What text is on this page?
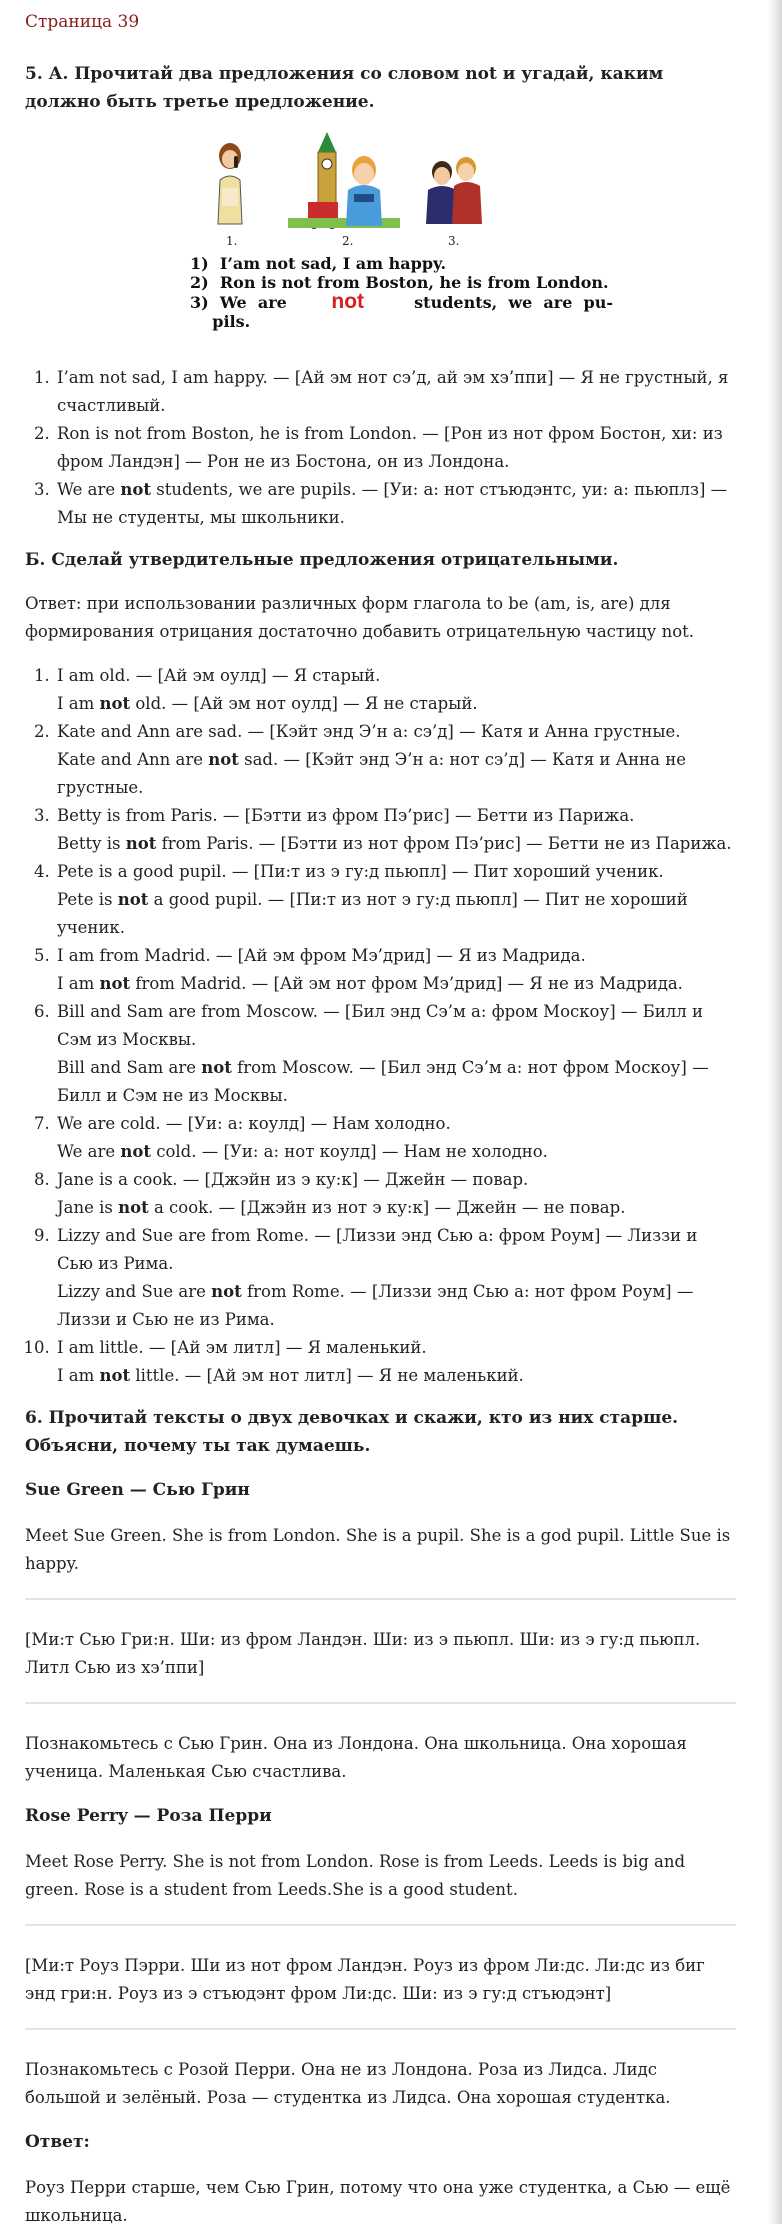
Страница 39
5. А. Прочитай два предложения со словом not и угадай, каким должно быть третье предложение.
1.	2.	3.
1) I’am not sad, I am happy.
2) Ron is not from Boston, he is from London.
3) We  are not	students,  we  are  pu-
pils.
1. I’am not sad, I am happy. — [Ай эм нот сэ’д, ай эм хэ’ппи] — Я не грустный, я счастливый.
2. Ron is not from Boston, he is from London. — [Рон из нот фром Бостон, хи: из фром Ландэн] — Рон не из Бостона, он из Лондона.
3. We are not students, we are pupils. — [Уи: а: нот стъюдэнтс, уи: а: пьюплз] — Мы не студенты, мы школьники.
Б. Сделай утвердительные предложения отрицательными.

Ответ: при использовании различных форм глагола to be (am, is, are) для формирования отрицания достаточно добавить отрицательную частицу not.

1. I am old. — [Ай эм оулд] — Я старый.
I am not old. — [Ай эм нот оулд] — Я не старый.
2. Kate and Ann are sad. — [Кэйт энд Э’н а: сэ’д] — Катя и Анна грустные.
Kate and Ann are not sad. — [Кэйт энд Э’н а: нот сэ’д] — Катя и Анна не грустные.
3. Betty is from Paris. — [Бэтти из фром Пэ’рис] — Бетти из Парижа.
Betty is not from Paris. — [Бэтти из нот фром Пэ’рис] — Бетти не из Парижа.
4. Pete is a good pupil. — [Пи:т из э гу:д пьюпл] — Пит хороший ученик.
Pete is not a good pupil. — [Пи:т из нот э гу:д пьюпл] — Пит не хороший ученик.
5. I am from Madrid. — [Ай эм фром Мэ’дрид] — Я из Мадрида.
I am not from Madrid. — [Ай эм нот фром Мэ’дрид] — Я не из Мадрида.
6. Bill and Sam are from Moscow. — [Бил энд Сэ’м а: фром Москоу] — Билл и Сэм из Москвы.
Bill and Sam are not from Moscow. — [Бил энд Сэ’м а: нот фром Москоу] — Билл и Сэм не из Москвы.
7. We are cold. — [Уи: а: коулд] — Нам холодно.
We are not cold. — [Уи: а: нот коулд] — Нам не холодно.
8. Jane is a cook. — [Джэйн из э ку:к] — Джейн — повар.
Jane is not a cook. — [Джэйн из нот э ку:к] — Джейн — не повар.
9. Lizzy and Sue are from Rome. — [Лиззи энд Сью а: фром Роум] — Лиззи и Сью из Рима.
Lizzy and Sue are not from Rome. — [Лиззи энд Сью а: нот фром Роум] — Лиззи и Сью не из Рима.
10. I am little. — [Ай эм литл] — Я маленький.
I am not little. — [Ай эм нот литл] — Я не маленький.
6. Прочитай тексты о двух девочках и скажи, кто из них старше. Объясни, почему ты так думаешь.
Sue Green — Сью Грин

Meet Sue Green. She is from London. She is a pupil. She is a god pupil. Little Sue is happy.

[Ми:т Сью Гри:н. Ши: из фром Ландэн. Ши: из э пьюпл. Ши: из э гу:д пьюпл. Литл Сью из хэ’ппи]

Познакомьтесь с Сью Грин. Она из Лондона. Она школьница. Она хорошая ученица. Маленькая Сью счастлива.

Rose Perry — Роза Перри

Meet Rose Perry. She is not from London. Rose is from Leeds. Leeds is big and green. Rose is a student from Leeds.She is a good student.

[Ми:т Роуз Пэрри. Ши из нот фром Ландэн. Роуз из фром Ли:дс. Ли:дс из биг энд гри:н. Роуз из э стъюдэнт фром Ли:дс. Ши: из э гу:д стъюдэнт]

Познакомьтесь с Розой Перри. Она не из Лондона. Роза из Лидса. Лидс большой и зелёный. Роза — студентка из Лидса. Она хорошая студентка.

Ответ:

Роуз Перри старше, чем Сью Грин, потому что она уже студентка, а Сью — ещё школьница.
